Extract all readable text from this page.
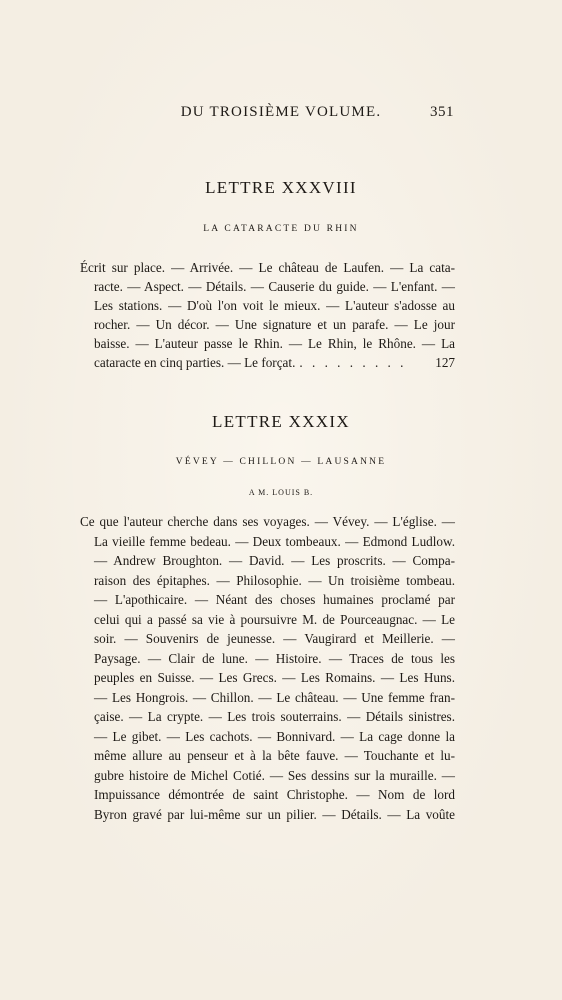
DU TROISIÈME VOLUME.	351
LETTRE XXXVIII
LA CATARACTE DU RHIN
Écrit sur place. — Arrivée. — Le château de Laufen. — La cata-
racte. — Aspect. — Détails. — Causerie du guide. — L'enfant. —
Les stations. — D'où l'on voit le mieux. — L'auteur s'adosse au
rocher. — Un décor. — Une signature et un parafe. — Le jour
baisse. — L'auteur passe le Rhin. — Le Rhin, le Rhône. — La
cataracte en cinq parties. — Le forçat. . . . . . . . . .	127
LETTRE XXXIX
VÉVEY — CHILLON — LAUSANNE
A M. LOUIS B.
Ce que l'auteur cherche dans ses voyages. — Vévey. — L'église. —
La vieille femme bedeau. — Deux tombeaux. — Edmond Ludlow.
— Andrew Broughton. — David. — Les proscrits. — Compa-
raison des épitaphes. — Philosophie. — Un troisième tombeau.
— L'apothicaire. — Néant des choses humaines proclamé par
celui qui a passé sa vie à poursuivre M. de Pourceaugnac. — Le
soir. — Souvenirs de jeunesse. — Vaugirard et Meillerie. —
Paysage. — Clair de lune. — Histoire. — Traces de tous les
peuples en Suisse. — Les Grecs. — Les Romains. — Les Huns.
— Les Hongrois. — Chillon. — Le château. — Une femme fran-
çaise. — La crypte. — Les trois souterrains. — Détails sinistres.
— Le gibet. — Les cachots. — Bonnivard. — La cage donne la
même allure au penseur et à la bête fauve. — Touchante et lu-
gubre histoire de Michel Cotié. — Ses dessins sur la muraille. —
Impuissance démontrée de saint Christophe. — Nom de lord
Byron gravé par lui-même sur un pilier. — Détails. — La voûte
